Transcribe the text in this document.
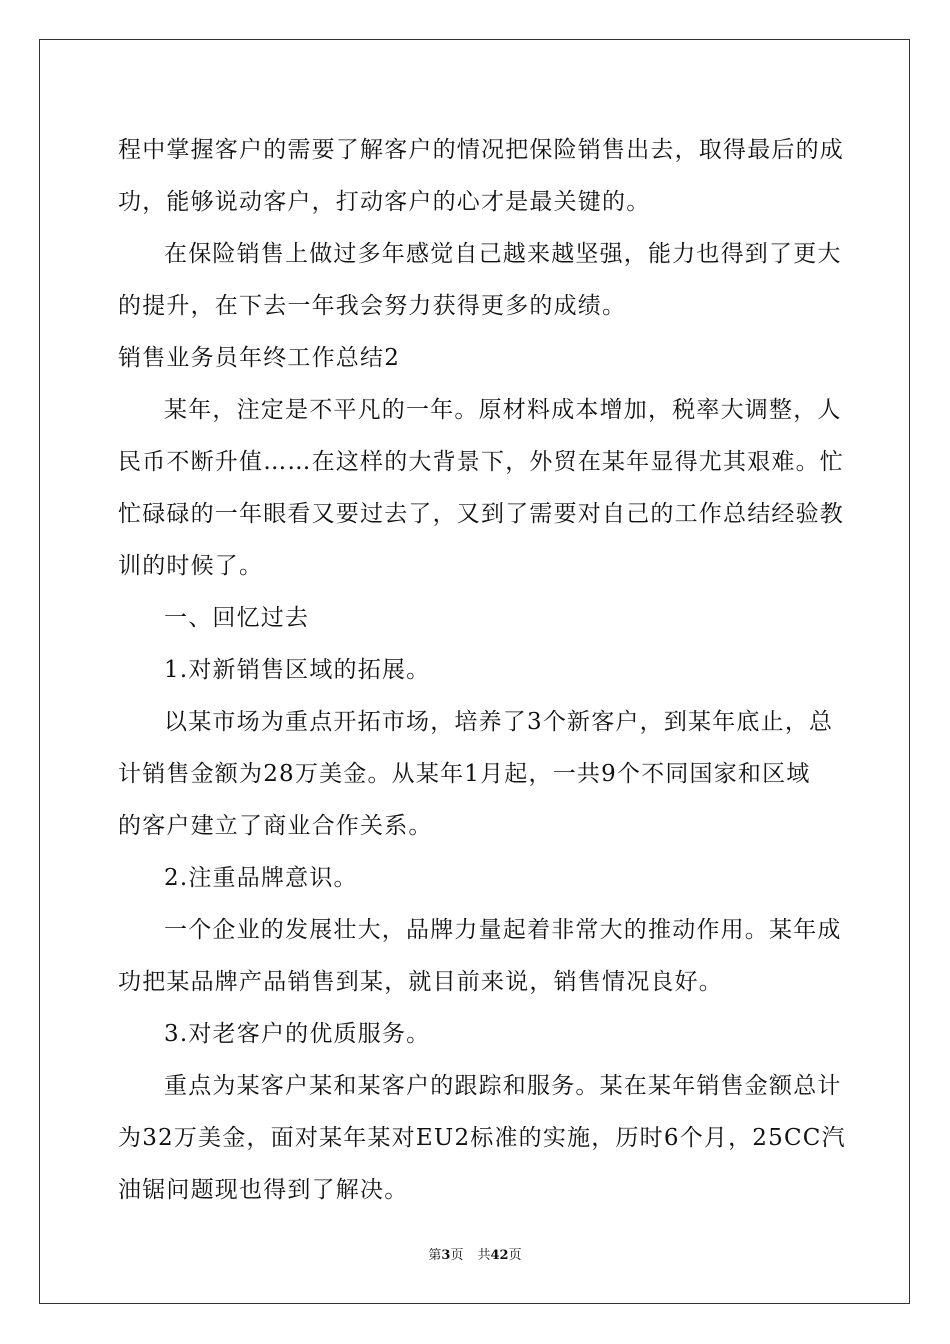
程中掌握客户的需要了解客户的情况把保险销售出去，取得最后的成
功，能够说动客户，打动客户的心才是最关键的。
在保险销售上做过多年感觉自己越来越坚强，能力也得到了更大
的提升，在下去一年我会努力获得更多的成绩。
销售业务员年终工作总结2
某年，注定是不平凡的一年。原材料成本增加，税率大调整，人
民币不断升值……在这样的大背景下，外贸在某年显得尤其艰难。忙
忙碌碌的一年眼看又要过去了，又到了需要对自己的工作总结经验教
训的时候了。
一、回忆过去
1.对新销售区域的拓展。
以某市场为重点开拓市场，培养了3个新客户，到某年底止，总
计销售金额为28万美金。从某年1月起，一共9个不同国家和区域
的客户建立了商业合作关系。
2.注重品牌意识。
一个企业的发展壮大，品牌力量起着非常大的推动作用。某年成
功把某品牌产品销售到某，就目前来说，销售情况良好。
3.对老客户的优质服务。
重点为某客户某和某客户的跟踪和服务。某在某年销售金额总计
为32万美金，面对某年某对EU2标准的实施，历时6个月，25CC汽
油锯问题现也得到了解决。
第3页 共42页
